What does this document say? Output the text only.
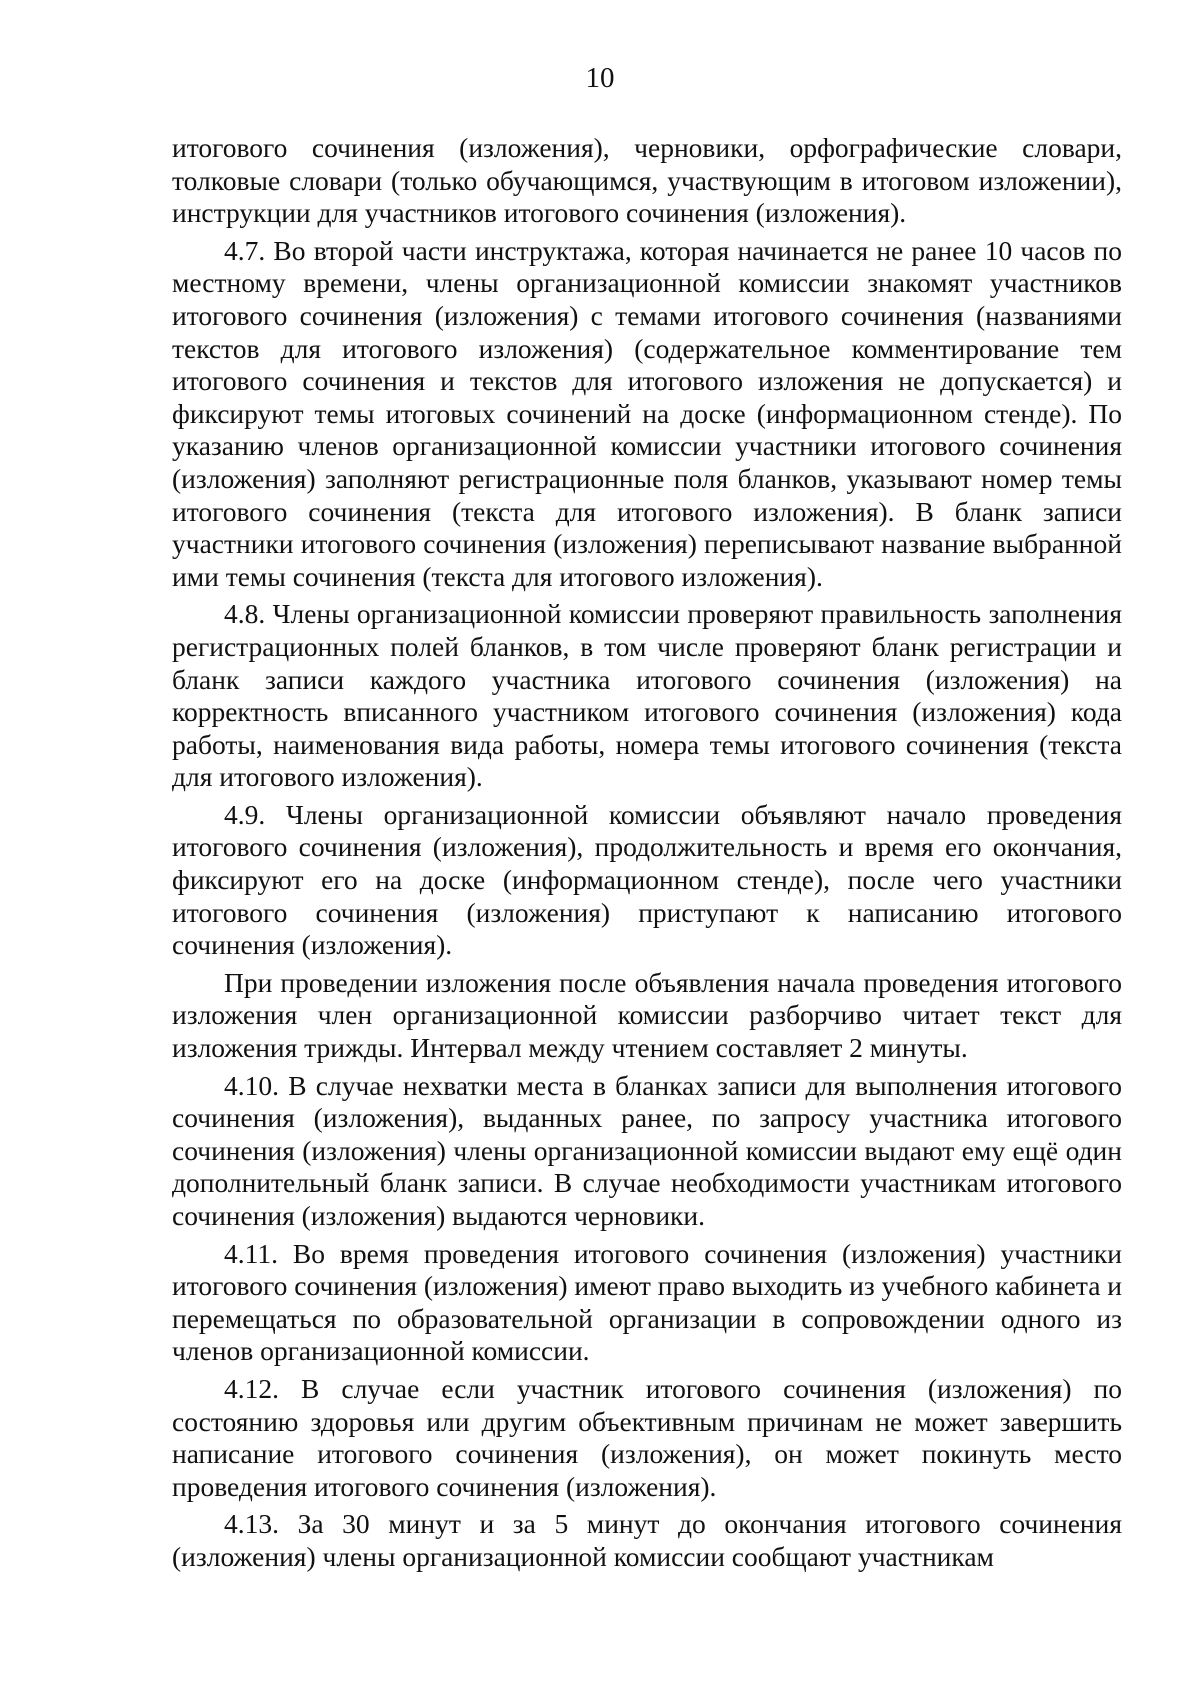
10

итогового сочинения (изложения), черновики, орфографические словари, толковые словари (только обучающимся, участвующим в итоговом изложении), инструкции для участников итогового сочинения (изложения).

4.7. Во второй части инструктажа, которая начинается не ранее 10 часов по местному времени, члены организационной комиссии знакомят участников итогового сочинения (изложения) с темами итогового сочинения (названиями текстов для итогового изложения) (содержательное комментирование тем итогового сочинения и текстов для итогового изложения не допускается) и фиксируют темы итоговых сочинений на доске (информационном стенде). По указанию членов организационной комиссии участники итогового сочинения (изложения) заполняют регистрационные поля бланков, указывают номер темы итогового сочинения (текста для итогового изложения). В бланк записи участники итогового сочинения (изложения) переписывают название выбранной ими темы сочинения (текста для итогового изложения).

4.8. Члены организационной комиссии проверяют правильность заполнения регистрационных полей бланков, в том числе проверяют бланк регистрации и бланк записи каждого участника итогового сочинения (изложения) на корректность вписанного участником итогового сочинения (изложения) кода работы, наименования вида работы, номера темы итогового сочинения (текста для итогового изложения).

4.9. Члены организационной комиссии объявляют начало проведения итогового сочинения (изложения), продолжительность и время его окончания, фиксируют его на доске (информационном стенде), после чего участники итогового сочинения (изложения) приступают к написанию итогового сочинения (изложения).

При проведении изложения после объявления начала проведения итогового изложения член организационной комиссии разборчиво читает текст для изложения трижды. Интервал между чтением составляет 2 минуты.

4.10. В случае нехватки места в бланках записи для выполнения итогового сочинения (изложения), выданных ранее, по запросу участника итогового сочинения (изложения) члены организационной комиссии выдают ему ещё один дополнительный бланк записи. В случае необходимости участникам итогового сочинения (изложения) выдаются черновики.

4.11. Во время проведения итогового сочинения (изложения) участники итогового сочинения (изложения) имеют право выходить из учебного кабинета и перемещаться по образовательной организации в сопровождении одного из членов организационной комиссии.

4.12. В случае если участник итогового сочинения (изложения) по состоянию здоровья или другим объективным причинам не может завершить написание итогового сочинения (изложения), он может покинуть место проведения итогового сочинения (изложения).

4.13. За 30 минут и за 5 минут до окончания итогового сочинения (изложения) члены организационной комиссии сообщают участникам
